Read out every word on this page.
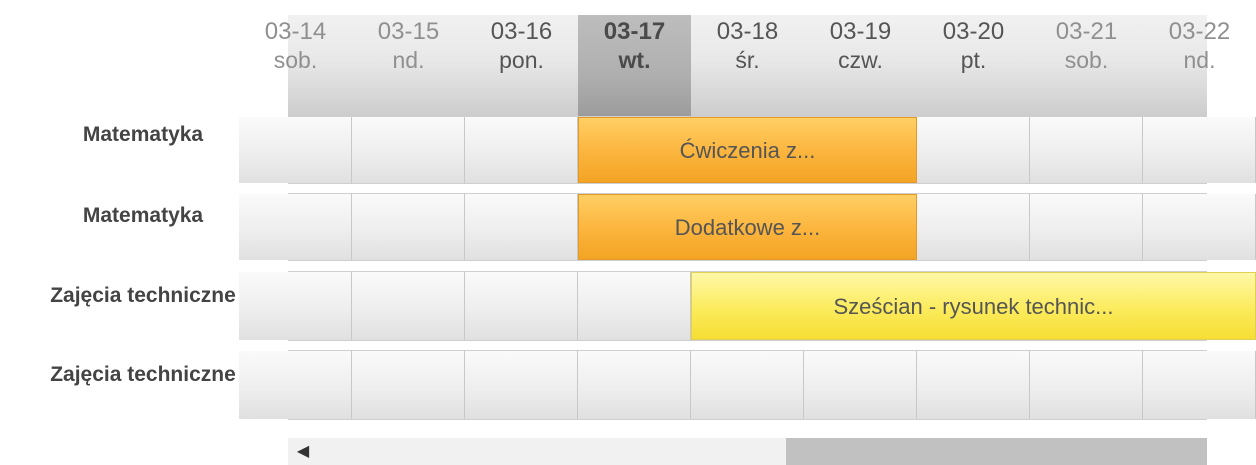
03-14
sob.
03-15
nd.
03-16
pon.
03-17
wt.
03-18
śr.
03-19
czw.
03-20
pt.
03-21
sob.
03-22
nd.
Matematyka
Ćwiczenia z...
Matematyka	Dodatkowe z...
Zajęcia techniczne	Sześcian - rysunek technic...
Zajęcia techniczne
◀
